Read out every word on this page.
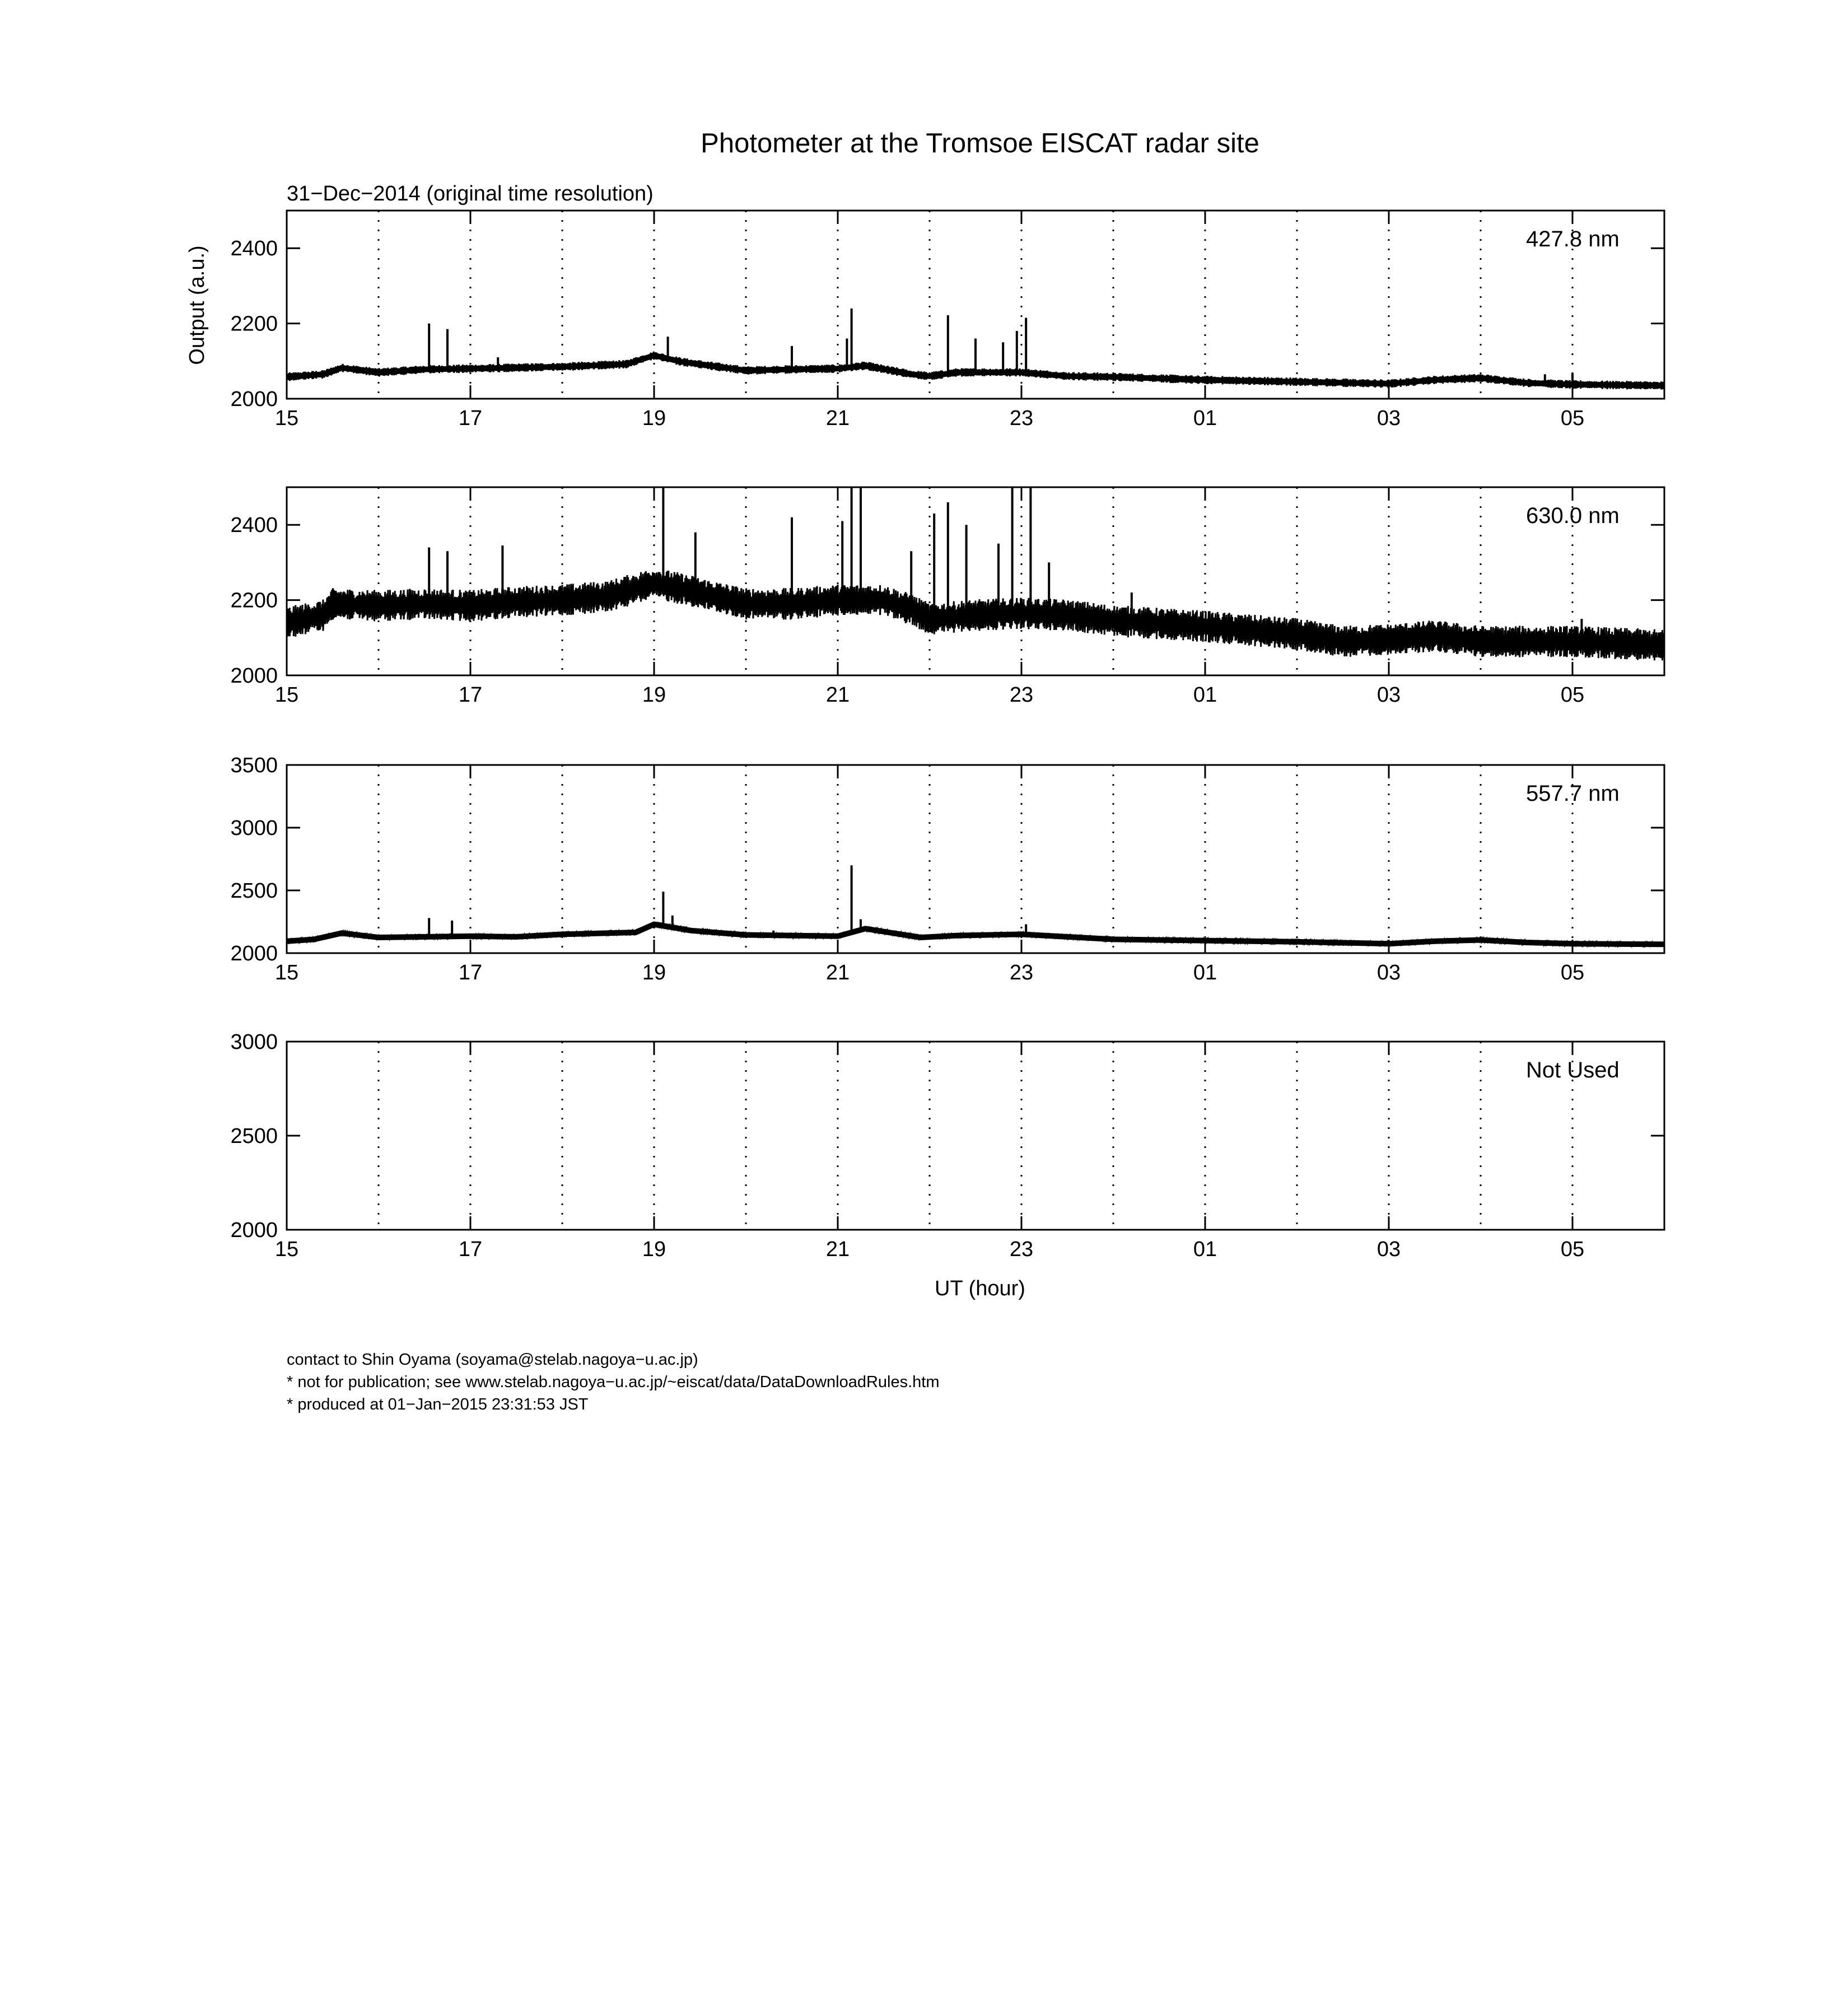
Photometer at the Tromsoe EISCAT radar site
31−Dec−2014 (original time resolution)
Output (a.u.)
UT (hour)
2000
2200
2400
15	17	19	21	23	01	03	05
427.8 nm
2000
2200
2400
15	17	19	21	23	01	03	05
630.0 nm
2000
2500
3000
3500
15	17	19	21	23	01	03	05
557.7 nm
2000
2500
3000
15	17	19	21	23	01	03	05
Not Used
contact to Shin Oyama (soyama@stelab.nagoya−u.ac.jp)
* not for publication; see www.stelab.nagoya−u.ac.jp/~eiscat/data/DataDownloadRules.htm
* produced at 01−Jan−2015 23:31:53 JST
